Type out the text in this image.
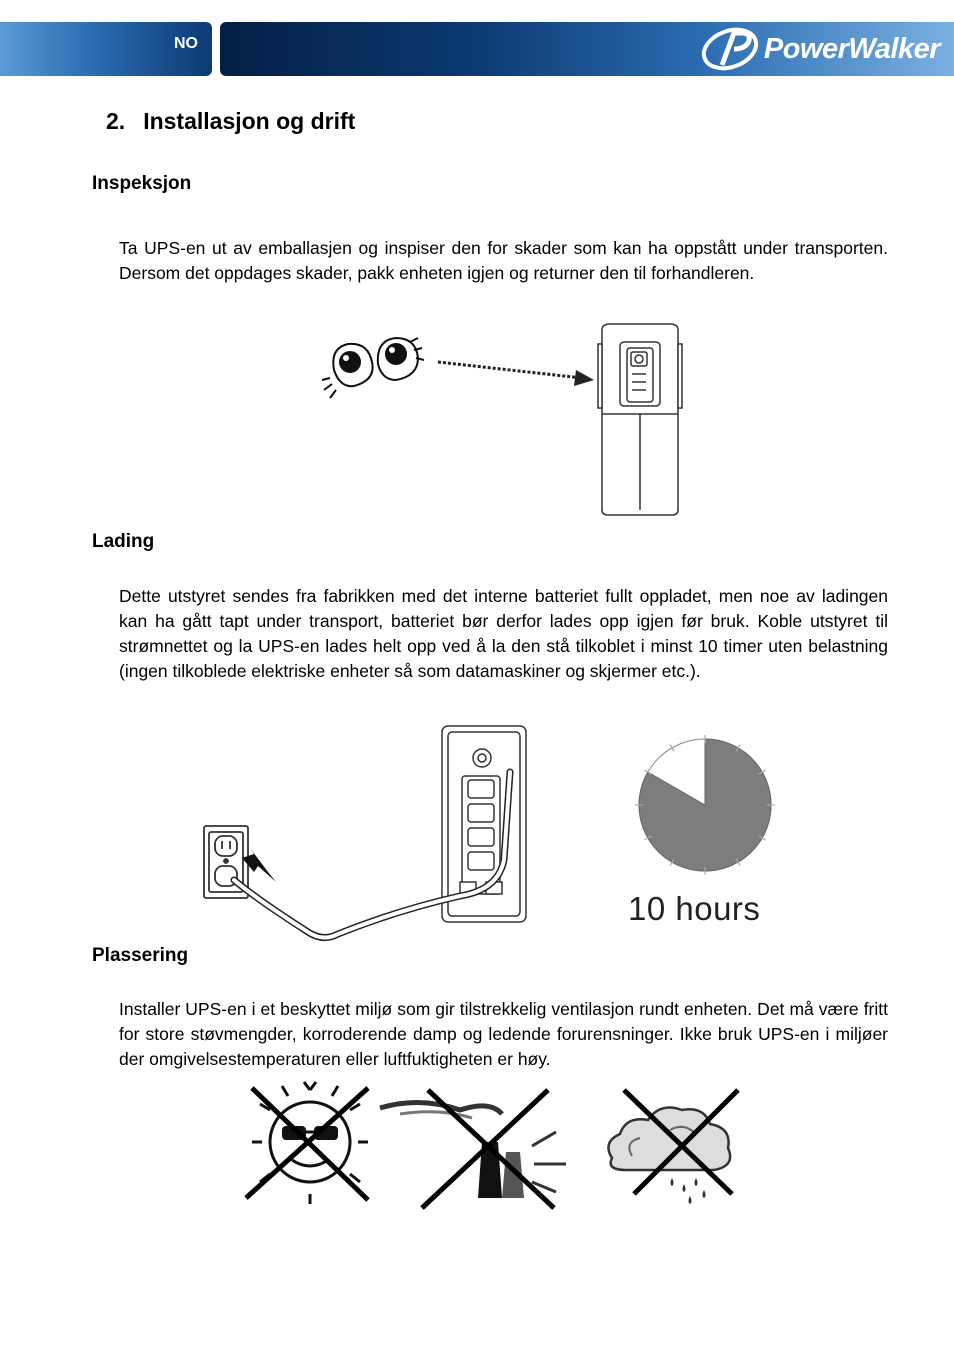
NO	PowerWalker
2. Installasjon og drift
Inspeksjon

Ta UPS-en ut av emballasjen og inspiser den for skader som kan ha oppstått under transporten. Dersom det oppdages skader, pakk enheten igjen og returner den til forhandleren.

Lading

Dette utstyret sendes fra fabrikken med det interne batteriet fullt oppladet, men noe av ladingen kan ha gått tapt under transport, batteriet bør derfor lades opp igjen før bruk. Koble utstyret til strømnettet og la UPS-en lades helt opp ved å la den stå tilkoblet i minst 10 timer uten belastning (ingen tilkoblede elektriske enheter så som datamaskiner og skjermer etc.).

10 hours
Plassering

Installer UPS-en i et beskyttet miljø som gir tilstrekkelig ventilasjon rundt enheten. Det må være fritt for store støvmengder, korroderende damp og ledende forurensninger. Ikke bruk UPS-en i miljøer der omgivelsestemperaturen eller luftfuktigheten er høy.
